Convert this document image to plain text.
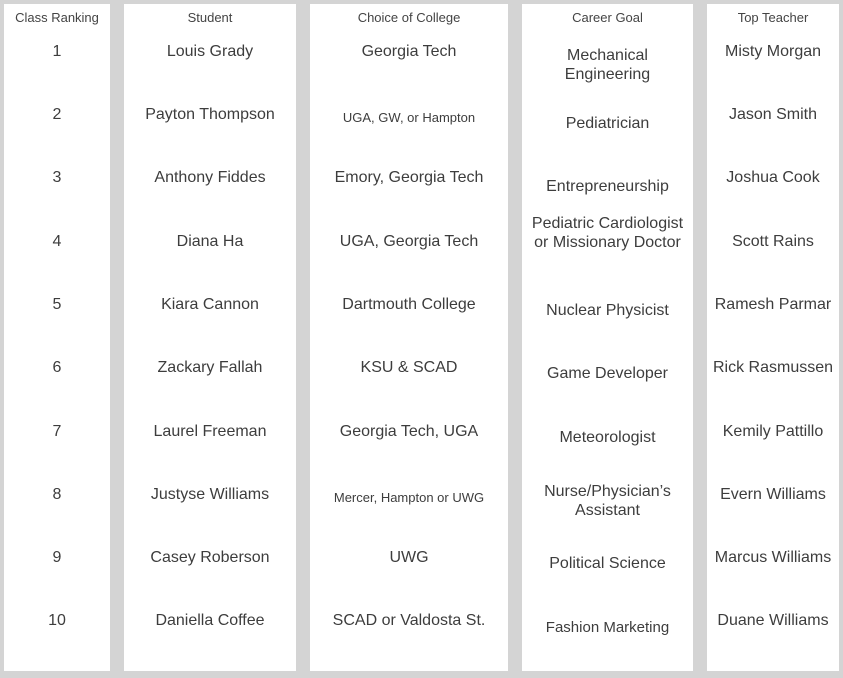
Class Ranking
1
2
3
4
5
6
7
8
9
10
Student
Louis Grady
Payton Thompson
Anthony Fiddes
Diana Ha
Kiara Cannon
Zackary Fallah
Laurel Freeman
Justyse Williams
Casey Roberson
Daniella Coffee
Choice of College
Georgia Tech
UGA, GW, or Hampton
Emory, Georgia Tech
UGA, Georgia Tech
Dartmouth College
KSU & SCAD
Georgia Tech, UGA
Mercer, Hampton or UWG
UWG
SCAD or Valdosta St.
Career Goal
Mechanical Engineering
Pediatrician
Entrepreneurship
Pediatric Cardiologist or Missionary Doctor
Nuclear Physicist
Game Developer
Meteorologist
Nurse/Physician’s Assistant
Political Science
Fashion Marketing
Top Teacher
Misty Morgan
Jason Smith
Joshua Cook
Scott Rains
Ramesh Parmar
Rick Rasmussen
Kemily Pattillo
Evern Williams
Marcus Williams
Duane Williams
